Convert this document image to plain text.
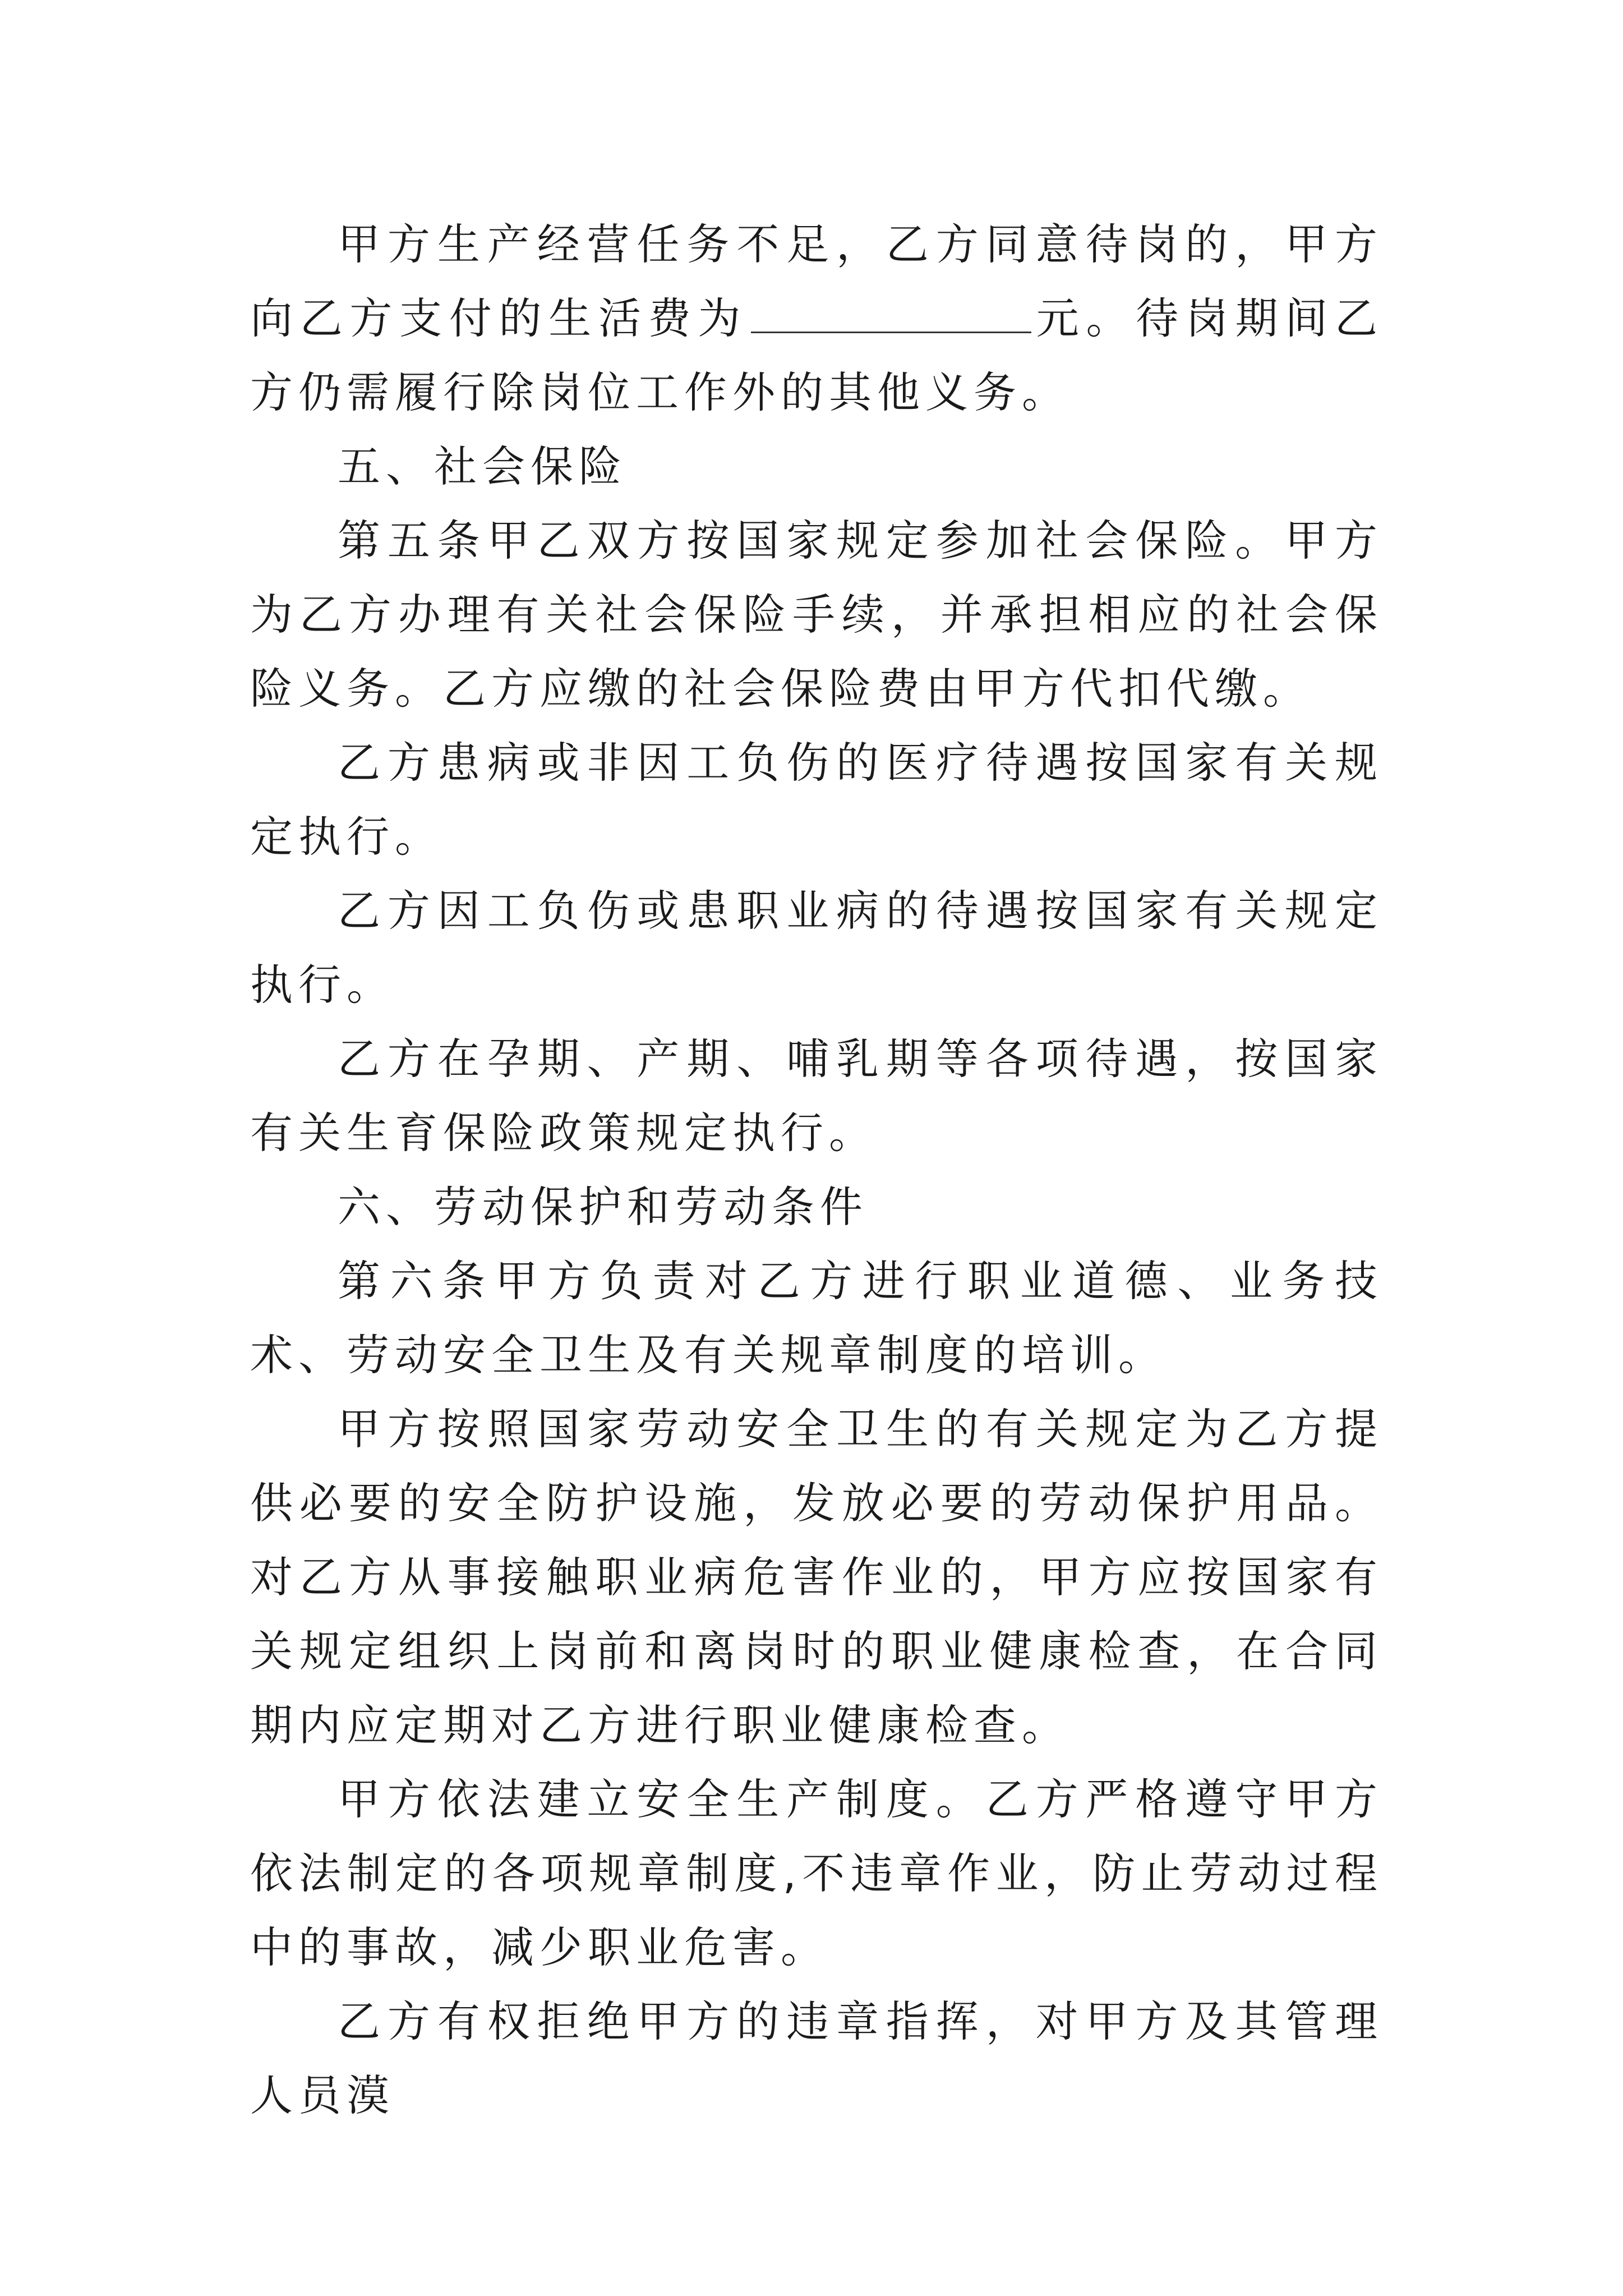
甲方生产经营任务不足，乙方同意待岗的，甲方向乙方支付的生活费为	元。待岗期间乙方仍需履行除岗位工作外的其他义务。

五、社会保险

第五条甲乙双方按国家规定参加社会保险。甲方为乙方办理有关社会保险手续，并承担相应的社会保险义务。乙方应缴的社会保险费由甲方代扣代缴。

乙方患病或非因工负伤的医疗待遇按国家有关规定执行。

乙方因工负伤或患职业病的待遇按国家有关规定执行。

乙方在孕期、产期、哺乳期等各项待遇，按国家有关生育保险政策规定执行。

六、劳动保护和劳动条件

第六条甲方负责对乙方进行职业道德、业务技术、劳动安全卫生及有关规章制度的培训。

甲方按照国家劳动安全卫生的有关规定为乙方提供必要的安全防护设施，发放必要的劳动保护用品。对乙方从事接触职业病危害作业的，甲方应按国家有关规定组织上岗前和离岗时的职业健康检查，在合同期内应定期对乙方进行职业健康检查。

甲方依法建立安全生产制度。乙方严格遵守甲方依法制定的各项规章制度,不违章作业，防止劳动过程中的事故，减少职业危害。

乙方有权拒绝甲方的违章指挥，对甲方及其管理人员漠
